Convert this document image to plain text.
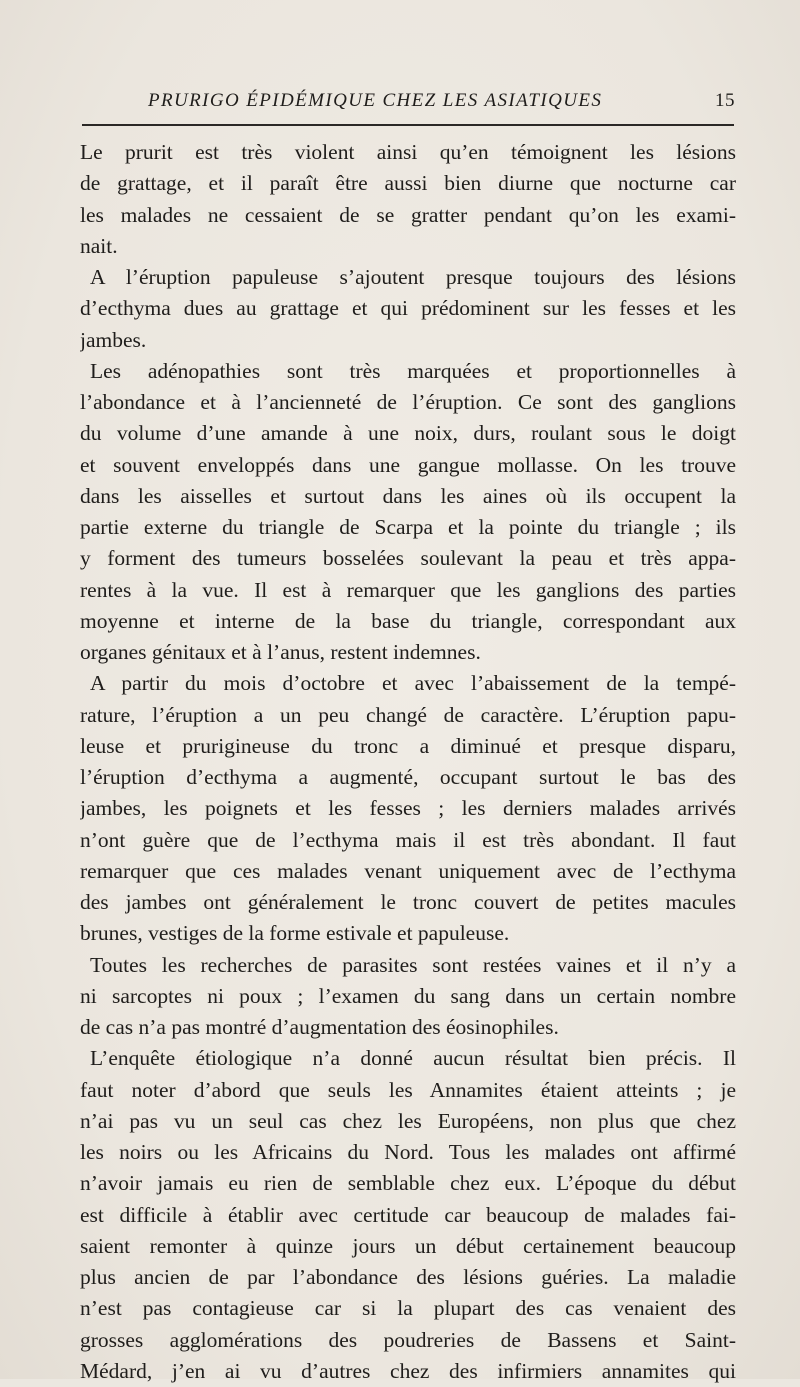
PRURIGO ÉPIDÉMIQUE CHEZ LES ASIATIQUES	15
Le prurit est très violent ainsi qu’en témoignent les lésions
de grattage, et il paraît être aussi bien diurne que nocturne car
les malades ne cessaient de se gratter pendant qu’on les exami-
nait.
A l’éruption papuleuse s’ajoutent presque toujours des lésions
d’ecthyma dues au grattage et qui prédominent sur les fesses et les
jambes.
Les adénopathies sont très marquées et proportionnelles à
l’abondance et à l’ancienneté de l’éruption. Ce sont des ganglions
du volume d’une amande à une noix, durs, roulant sous le doigt
et souvent enveloppés dans une gangue mollasse. On les trouve
dans les aisselles et surtout dans les aines où ils occupent la
partie externe du triangle de Scarpa et la pointe du triangle ; ils
y forment des tumeurs bosselées soulevant la peau et très appa-
rentes à la vue. Il est à remarquer que les ganglions des parties
moyenne et interne de la base du triangle, correspondant aux
organes génitaux et à l’anus, restent indemnes.
A partir du mois d’octobre et avec l’abaissement de la tempé-
rature, l’éruption a un peu changé de caractère. L’éruption papu-
leuse et prurigineuse du tronc a diminué et presque disparu,
l’éruption d’ecthyma a augmenté, occupant surtout le bas des
jambes, les poignets et les fesses ; les derniers malades arrivés
n’ont guère que de l’ecthyma mais il est très abondant. Il faut
remarquer que ces malades venant uniquement avec de l’ecthyma
des jambes ont généralement le tronc couvert de petites macules
brunes, vestiges de la forme estivale et papuleuse.
Toutes les recherches de parasites sont restées vaines et il n’y a
ni sarcoptes ni poux ; l’examen du sang dans un certain nombre
de cas n’a pas montré d’augmentation des éosinophiles.
L’enquête étiologique n’a donné aucun résultat bien précis. Il
faut noter d’abord que seuls les Annamites étaient atteints ; je
n’ai pas vu un seul cas chez les Européens, non plus que chez
les noirs ou les Africains du Nord. Tous les malades ont affirmé
n’avoir jamais eu rien de semblable chez eux. L’époque du début
est difficile à établir avec certitude car beaucoup de malades fai-
saient remonter à quinze jours un début certainement beaucoup
plus ancien de par l’abondance des lésions guéries. La maladie
n’est pas contagieuse car si la plupart des cas venaient des
grosses agglomérations des poudreries de Bassens et Saint-
Médard, j’en ai vu d’autres chez des infirmiers annamites qui
